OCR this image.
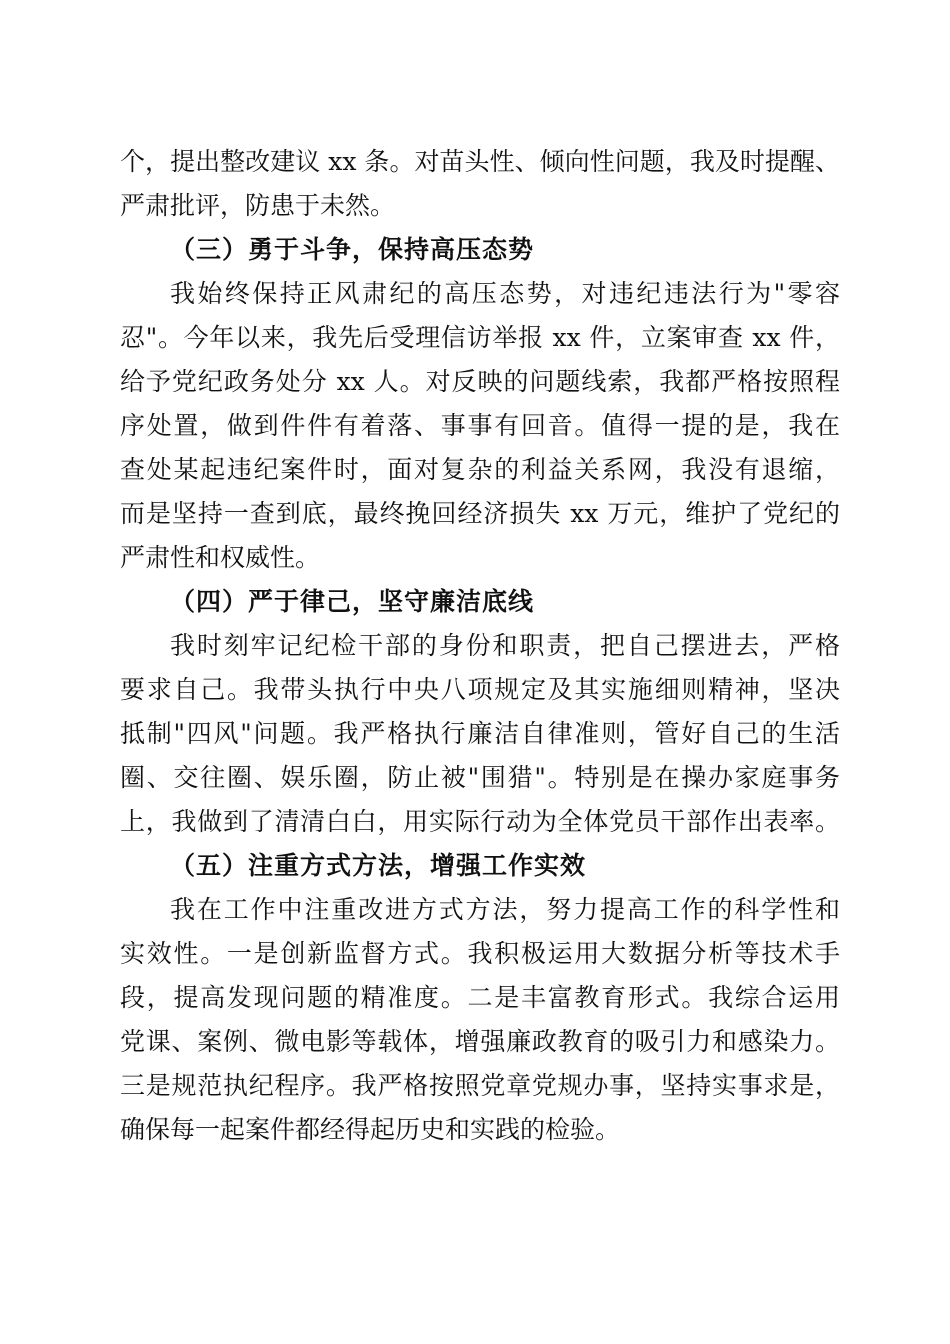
个，提出整改建议 xx 条。对苗头性、倾向性问题，我及时提醒、
严肃批评，防患于未然。
（三）勇于斗争，保持高压态势
我始终保持正风肃纪的高压态势，对违纪违法行为"零容
忍"。今年以来，我先后受理信访举报 xx 件，立案审查 xx 件，
给予党纪政务处分 xx 人。对反映的问题线索，我都严格按照程
序处置，做到件件有着落、事事有回音。值得一提的是，我在
查处某起违纪案件时，面对复杂的利益关系网，我没有退缩，
而是坚持一查到底，最终挽回经济损失 xx 万元，维护了党纪的
严肃性和权威性。
（四）严于律己，坚守廉洁底线
我时刻牢记纪检干部的身份和职责，把自己摆进去，严格
要求自己。我带头执行中央八项规定及其实施细则精神，坚决
抵制"四风"问题。我严格执行廉洁自律准则，管好自己的生活
圈、交往圈、娱乐圈，防止被"围猎"。特别是在操办家庭事务
上，我做到了清清白白，用实际行动为全体党员干部作出表率。
（五）注重方式方法，增强工作实效
我在工作中注重改进方式方法，努力提高工作的科学性和
实效性。一是创新监督方式。我积极运用大数据分析等技术手
段，提高发现问题的精准度。二是丰富教育形式。我综合运用
党课、案例、微电影等载体，增强廉政教育的吸引力和感染力。
三是规范执纪程序。我严格按照党章党规办事，坚持实事求是，
确保每一起案件都经得起历史和实践的检验。
